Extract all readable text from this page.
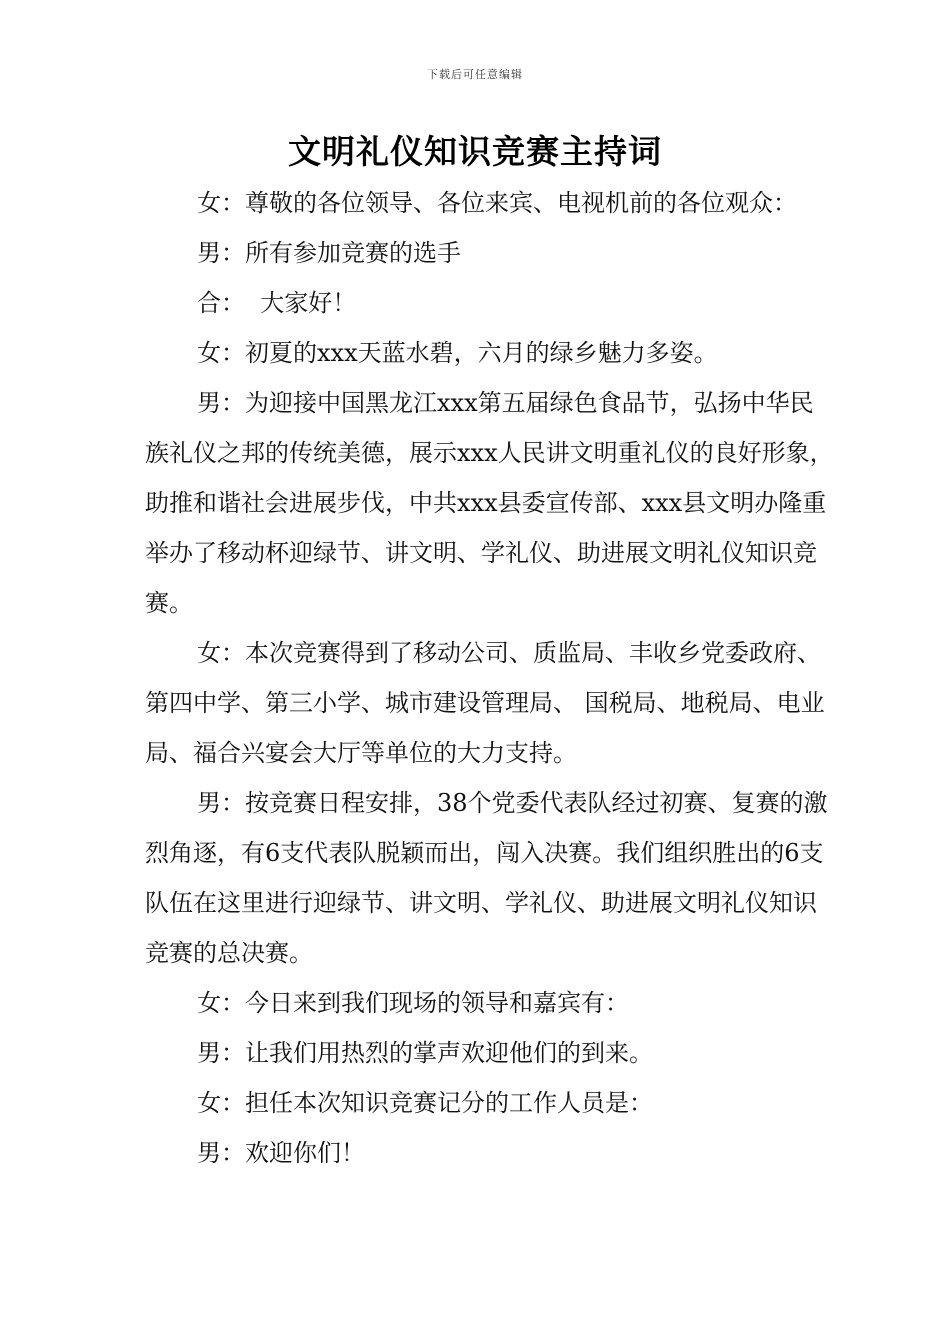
下载后可任意编辑
文明礼仪知识竞赛主持词

女：尊敬的各位领导、各位来宾、电视机前的各位观众：

男：所有参加竞赛的选手

合：  大家好！

女：初夏的xxx天蓝水碧，六月的绿乡魅力多姿。

男：为迎接中国黑龙江xxx第五届绿色食品节，弘扬中华民族礼仪之邦的传统美德，展示xxx人民讲文明重礼仪的良好形象，助推和谐社会进展步伐，中共xxx县委宣传部、xxx县文明办隆重举办了移动杯迎绿节、讲文明、学礼仪、助进展文明礼仪知识竞赛。

女：本次竞赛得到了移动公司、质监局、丰收乡党委政府、第四中学、第三小学、城市建设管理局、 国税局、地税局、电业局、福合兴宴会大厅等单位的大力支持。

男：按竞赛日程安排，38个党委代表队经过初赛、复赛的激烈角逐，有6支代表队脱颖而出，闯入决赛。我们组织胜出的6支队伍在这里进行迎绿节、讲文明、学礼仪、助进展文明礼仪知识竞赛的总决赛。

女：今日来到我们现场的领导和嘉宾有：

男：让我们用热烈的掌声欢迎他们的到来。

女：担任本次知识竞赛记分的工作人员是：

男：欢迎你们！
